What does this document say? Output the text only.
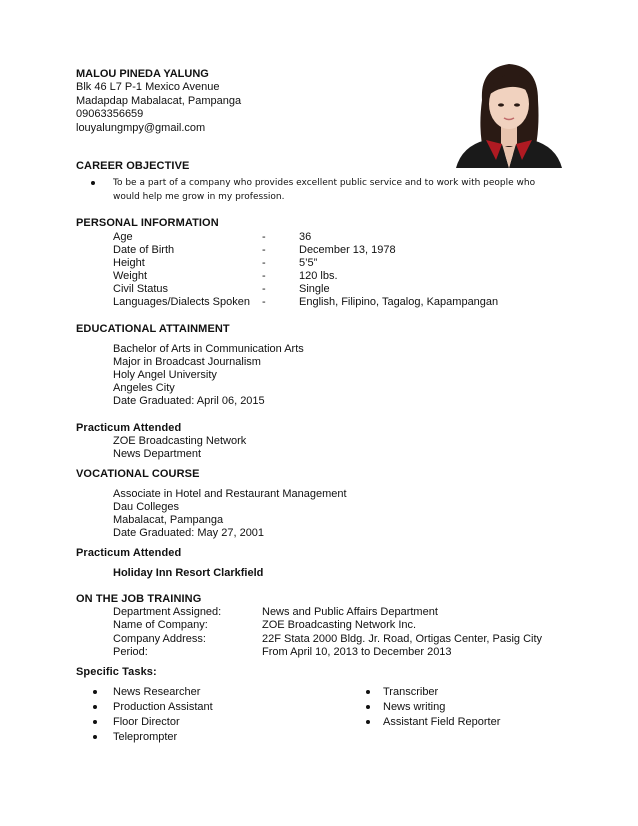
MALOU PINEDA YALUNG
Blk 46 L7 P-1 Mexico Avenue
Madapdap Mabalacat, Pampanga
09063356659
louyalungmpy@gmail.com
CAREER OBJECTIVE
To be a part of a company who provides excellent public service and to work with people who would help me grow in my profession.
PERSONAL INFORMATION
Age	-	36
Date of Birth	-	December 13, 1978
Height	-	5’5”
Weight	-	120 lbs.
Civil Status	-	Single
Languages/Dialects Spoken -	English, Filipino, Tagalog, Kapampangan
EDUCATIONAL ATTAINMENT
Bachelor of Arts in Communication Arts
Major in Broadcast Journalism
Holy Angel University
Angeles City
Date Graduated: April 06, 2015
Practicum Attended
ZOE Broadcasting Network
News Department
VOCATIONAL COURSE
Associate in Hotel and Restaurant Management
Dau Colleges
Mabalacat, Pampanga
Date Graduated: May 27, 2001
Practicum Attended
Holiday Inn Resort Clarkfield
ON THE JOB TRAINING
Department Assigned:	News and Public Affairs Department
Name of Company:	ZOE Broadcasting Network Inc.
Company Address:	22F Stata 2000 Bldg. Jr. Road, Ortigas Center, Pasig City
Period:	From April 10, 2013 to December 2013
Specific Tasks:
News Researcher
Production Assistant
Floor Director
Teleprompter
Transcriber
News writing
Assistant Field Reporter
